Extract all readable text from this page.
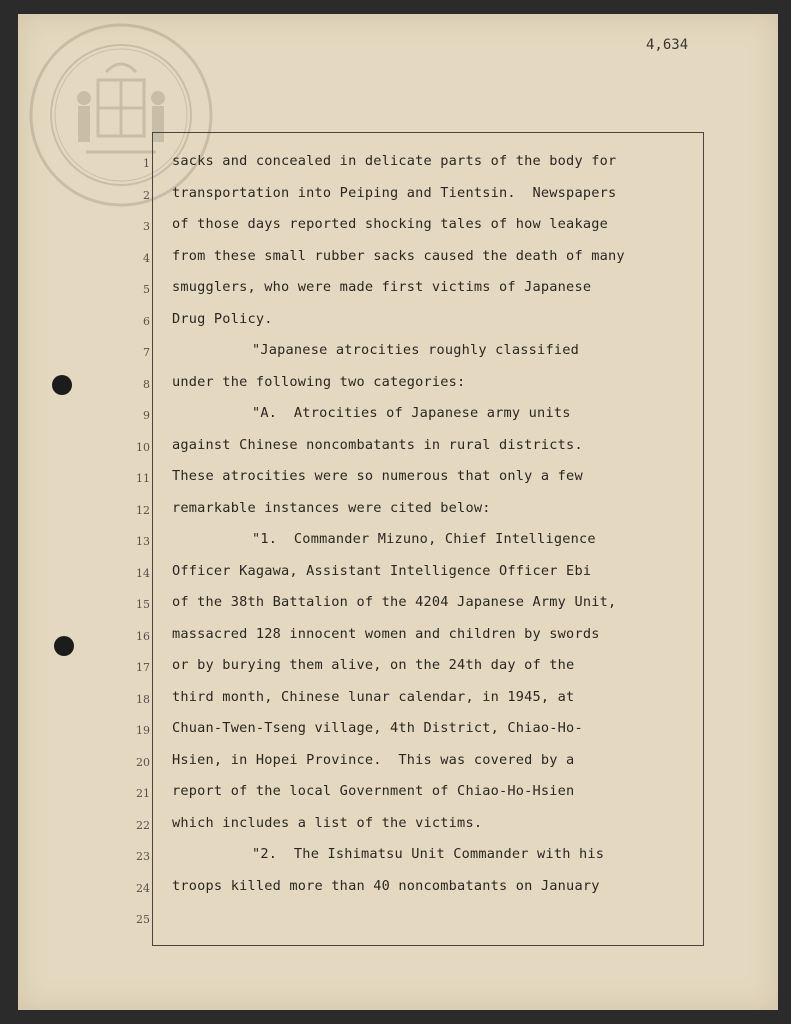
4,634
1
2
3
4
5
6
7
8
9
10
11
12
13
14
15
16
17
18
19
20
21
22
23
24
25
sacks and concealed in delicate parts of the body for
transportation into Peiping and Tientsin.  Newspapers
of those days reported shocking tales of how leakage
from these small rubber sacks caused the death of many
smugglers, who were made first victims of Japanese
Drug Policy.
"Japanese atrocities roughly classified
under the following two categories:
"A.  Atrocities of Japanese army units
against Chinese noncombatants in rural districts.
These atrocities were so numerous that only a few
remarkable instances were cited below:
"1.  Commander Mizuno, Chief Intelligence
Officer Kagawa, Assistant Intelligence Officer Ebi
of the 38th Battalion of the 4204 Japanese Army Unit,
massacred 128 innocent women and children by swords
or by burying them alive, on the 24th day of the
third month, Chinese lunar calendar, in 1945, at
Chuan-Twen-Tseng village, 4th District, Chiao-Ho-
Hsien, in Hopei Province.  This was covered by a
report of the local Government of Chiao-Ho-Hsien
which includes a list of the victims.
"2.  The Ishimatsu Unit Commander with his
troops killed more than 40 noncombatants on January
